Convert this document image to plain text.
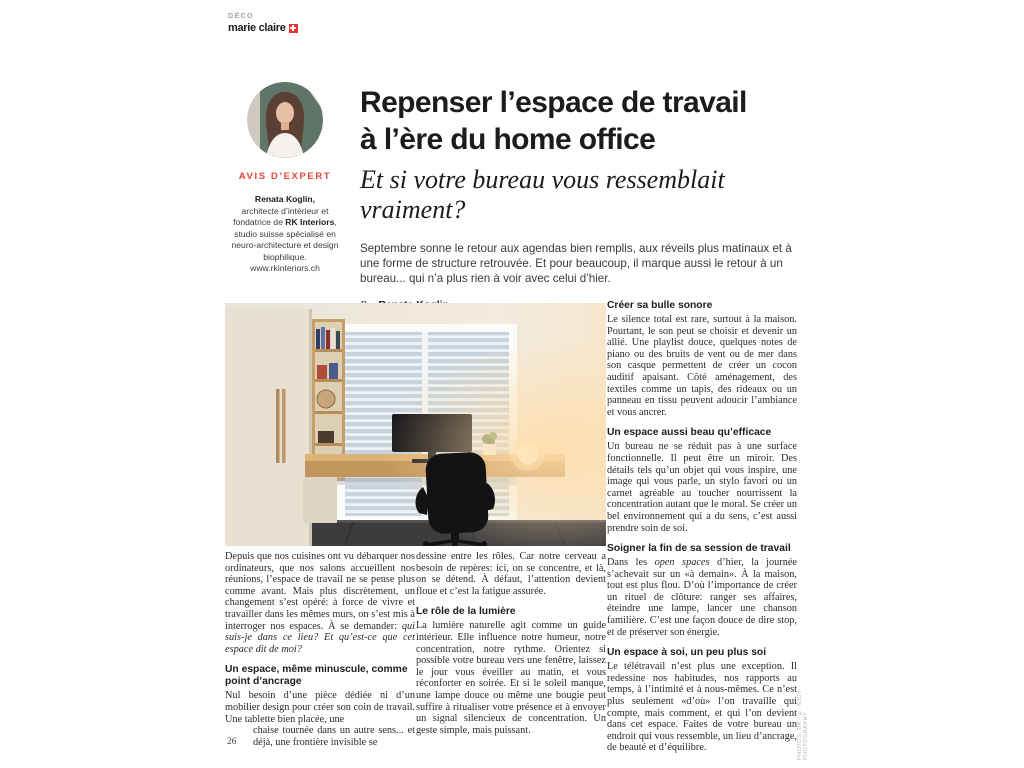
DÉCO
marie claire
AVIS D’EXPERT
Renata Koglin,
architecte d’intérieur et fondatrice de RK Interiors, studio suisse spécialisé en neuro-architecture et design biophilique.
www.rkinteriors.ch
Repenser l’espace de travail
à l’ère du home office
Et si votre bureau vous ressemblait vraiment?
Septembre sonne le retour aux agendas bien remplis, aux réveils plus matinaux et à une forme de structure retrouvée. Et pour beaucoup, il marque aussi le retour à un bureau... qui n’a plus rien à voir avec celui d’hier.

Depuis que nos cuisines ont vu débarquer nos ordinateurs, que nos salons accueillent nos réunions, l’espace de travail ne se pense plus comme avant. Mais plus discrètement, un changement s’est opéré: à force de vivre et travailler dans les mêmes murs, on s’est mis à interroger nos espaces. À se demander: qui suis-je dans ce lieu? Et qu’est-ce que cet espace dit de moi?

Un espace, même minuscule, comme point d’ancrage

Nul besoin d’une pièce dédiée ni d’un mobilier design pour créer son coin de travail. Une tablette bien placée, une

26
chaise tournée dans un autre sens... et déjà, une frontière invisible se

dessine entre les rôles. Car notre cerveau a besoin de repères: ici, on se concentre, et là, on se détend. À défaut, l’attention devient floue et c’est la fatigue assurée.

Le rôle de la lumière

La lumière naturelle agit comme un guide intérieur. Elle influence notre humeur, notre concentration, notre rythme. Orientez si possible votre bureau vers une fenêtre, laissez le jour vous éveiller au matin, et vous réconforter en soirée. Et si le soleil manque, une lampe douce ou même une bougie peut suffire à ritualiser votre présence et à envoyer un signal silencieux de concentration. Un geste simple, mais puissant.

Créer sa bulle sonore

Le silence total est rare, surtout à la maison. Pourtant, le son peut se choisir et devenir un allié. Une playlist douce, quelques notes de piano ou des bruits de vent ou de mer dans son casque permettent de créer un cocon auditif apaisant. Côté aménagement, des textiles comme un tapis, des rideaux ou un panneau en tissu peuvent adoucir l’ambiance et vous ancrer.

Un espace aussi beau qu’efficace

Un bureau ne se réduit pas à une surface fonctionnelle. Il peut être un miroir. Des détails tels qu’un objet qui vous inspire, une image qui vous parle, un stylo favori ou un carnet agréable au toucher nourrissent la concentration autant que le moral. Se créer un bel environnement qui a du sens, c’est aussi prendre soin de soi.

Soigner la fin de sa session de travail

Dans les open spaces d’hier, la journée s’achevait sur un «à demain». À la maison, tout est plus flou. D’où l’importance de créer un rituel de clôture: ranger ses affaires, éteindre une lampe, lancer une chanson familière. C’est une façon douce de dire stop, et de préserver son énergie.

Un espace à soi, un peu plus soi

Le télétravail n’est plus une exception. Il redessine nos habitudes, nos rapports au temps, à l’intimité et à nous-mêmes. Ce n’est plus seulement «d’où» l’on travaille qui compte, mais comment, et qui l’on devient dans cet espace. Faites de votre bureau un endroit qui vous ressemble, un lieu d’ancrage, de beauté et d’équilibre.	PHOTOS: DR / © NJOY PHOTOGRAPHY
